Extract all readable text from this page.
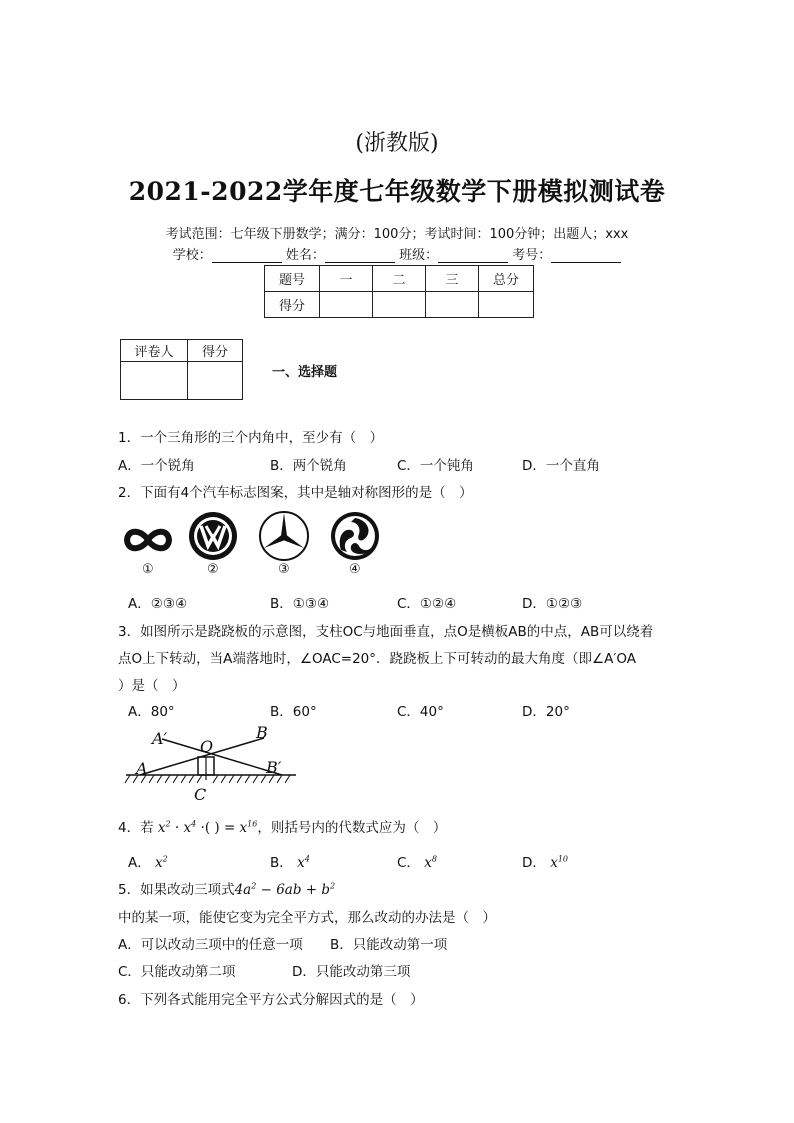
(浙教版)
2021-2022学年度七年级数学下册模拟测试卷
考试范围：七年级下册数学；满分：100分；考试时间：100分钟；出题人；xxx
学校：	姓名：	班级：	考号：
题号	一	二	三	总分
得分				
评卷人	得分

一、选择题
1．一个三角形的三个内角中，至少有（　）
A．一个锐角	B．两个锐角	C．一个钝角	D．一个直角
2．下面有4个汽车标志图案，其中是轴对称图形的是（　）
①	②	③	④
A．②③④	B．①③④	C．①②④	D．①②③
3．如图所示是跷跷板的示意图，支柱OC与地面垂直，点O是横板AB的中点，AB可以绕着
点O上下转动，当A端落地时，∠OAC=20°．跷跷板上下可转动的最大角度（即∠A′OA
）是（　）
A．80°	B．60°	C．40°	D．20°
A′ O
B
A	B′
C
4．若 $x^2 \cdot x^4$ ·( ) = $x^{16}$，则括号内的代数式应为（　）
A． $x^2$	B． $x^4$	C． $x^8$	D． $x^{10}$
5．如果改动三项式$4a^2 - 6ab + b^2$
中的某一项，能使它变为完全平方式，那么改动的办法是（　）
A．可以改动三项中的任意一项 B．只能改动第一项
C．只能改动第二项	D．只能改动第三项
6．下列各式能用完全平方公式分解因式的是（　）
